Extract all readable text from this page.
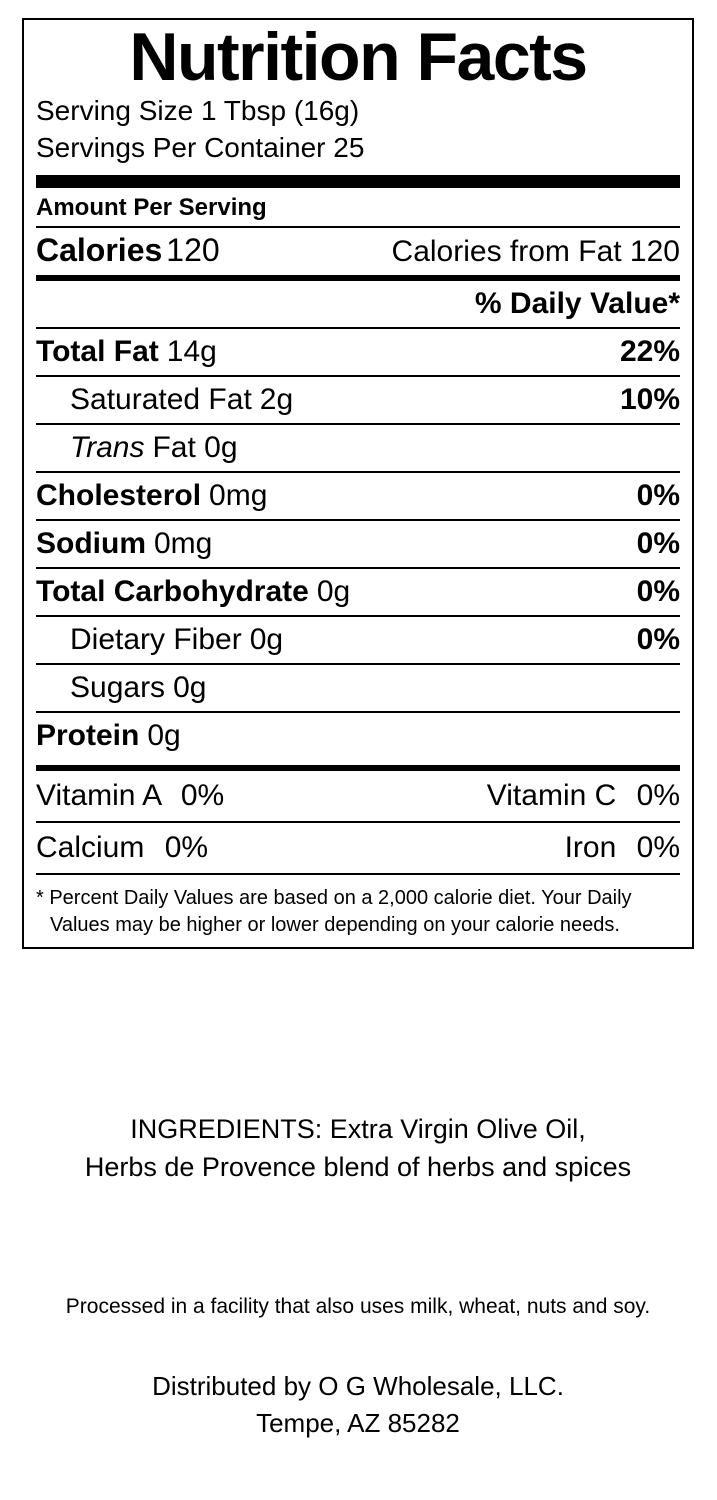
Nutrition Facts
Serving Size 1 Tbsp (16g)
Servings Per Container 25
Amount Per Serving
Calories 120	Calories from Fat 120
% Daily Value*
Total Fat 14g	22%
Saturated Fat 2g	10%
Trans Fat 0g
Cholesterol 0mg	0%
Sodium 0mg	0%
Total Carbohydrate 0g	0%
Dietary Fiber 0g	0%
Sugars 0g
Protein 0g
Vitamin A 0%	Vitamin C 0%
Calcium 0%	Iron 0%
* Percent Daily Values are based on a 2,000 calorie diet. Your Daily
Values may be higher or lower depending on your calorie needs.
INGREDIENTS: Extra Virgin Olive Oil,
Herbs de Provence blend of herbs and spices
Processed in a facility that also uses milk, wheat, nuts and soy.
Distributed by O G Wholesale, LLC.
Tempe, AZ 85282
